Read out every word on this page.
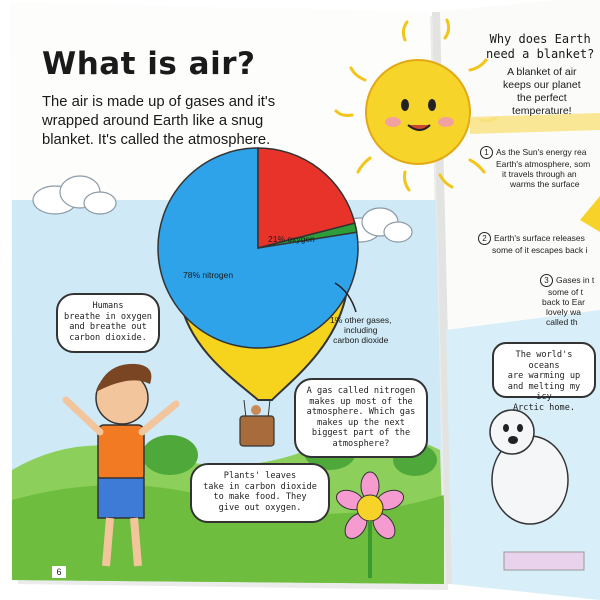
What is air?
The air is made up of gases and it's
wrapped around Earth like a snug
blanket. It's called the atmosphere.
78% nitrogen
21% oxygen
1% other gases,
including
carbon dioxide
Humans
breathe in oxygen
and breathe out
carbon dioxide.
A gas called nitrogen
makes up most of the
atmosphere. Which gas
makes up the next
biggest part of the
atmosphere?
Plants' leaves
take in carbon dioxide
to make food. They
give out oxygen.
6
Why does Earth
need a blanket?
A blanket of air
keeps our planet
the perfect
temperature!
1 As the Sun's energy rea
Earth's atmosphere, som
it travels through an
warms the surface
2 Earth's surface releases
some of it escapes back i
3 Gases in t
some of t
back to Ear
lovely wa
called th
The world's oceans
are warming up
and melting my icy
Arctic home.
